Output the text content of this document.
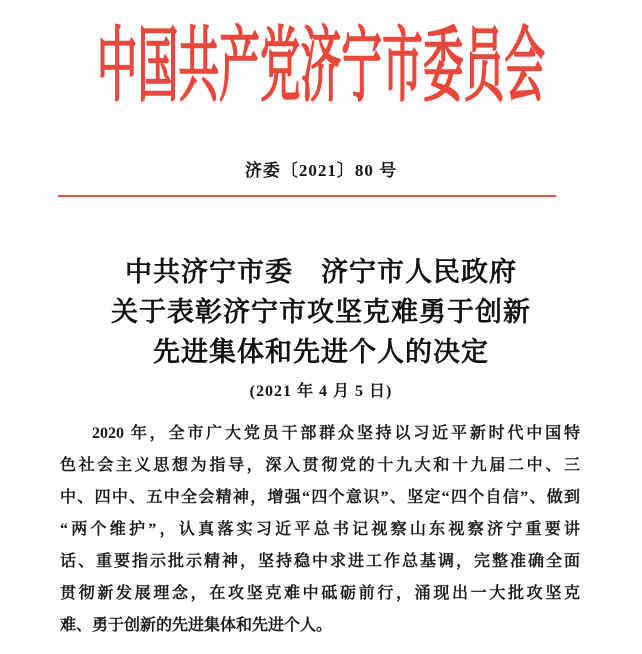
中国共产党济宁市委员会
济委〔2021〕80 号
中共济宁市委　济宁市人民政府
关于表彰济宁市攻坚克难勇于创新
先进集体和先进个人的决定
(2021 年 4 月 5 日)
2020 年，全市广大党员干部群众坚持以习近平新时代中国特
色社会主义思想为指导，深入贯彻党的十九大和十九届二中、三
中、四中、五中全会精神，增强“四个意识”、坚定“四个自信”、做到
“两个维护”，认真落实习近平总书记视察山东视察济宁重要讲
话、重要指示批示精神，坚持稳中求进工作总基调，完整准确全面
贯彻新发展理念，在攻坚克难中砥砺前行，涌现出一大批攻坚克
难、勇于创新的先进集体和先进个人。
